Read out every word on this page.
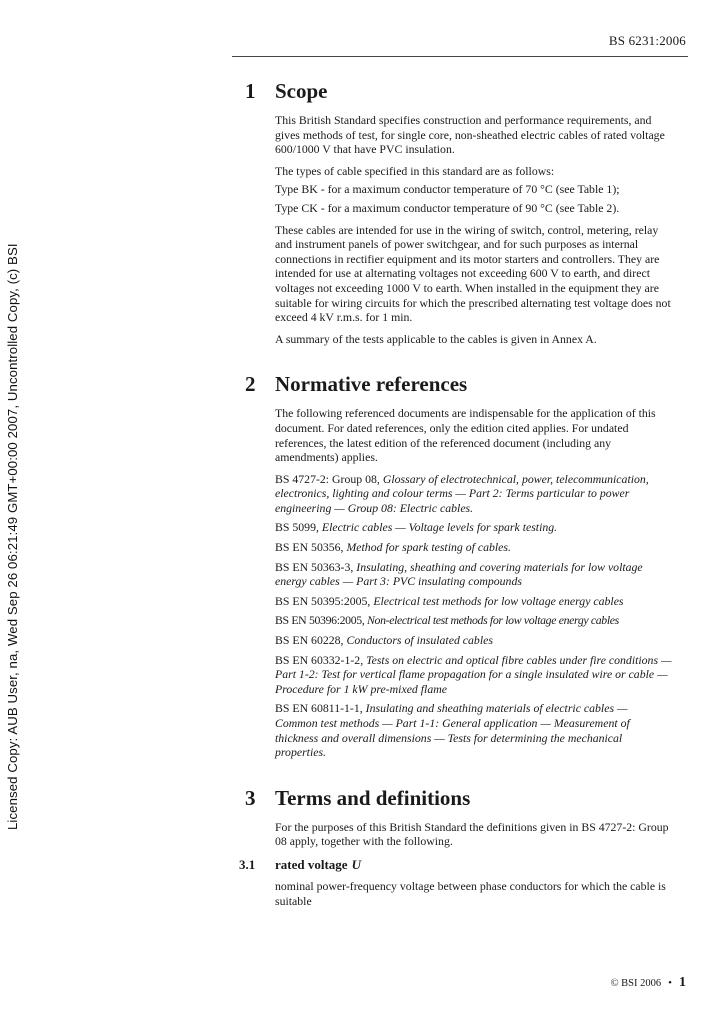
BS 6231:2006
Licensed Copy: AUB User, na, Wed Sep 26 06:21:49 GMT+00:00 2007, Uncontrolled Copy, (c) BSI
1 Scope

This British Standard specifies construction and performance requirements, and gives methods of test, for single core, non-sheathed electric cables of rated voltage 600/1000 V that have PVC insulation.

The types of cable specified in this standard are as follows:

Type BK - for a maximum conductor temperature of 70 °C (see Table 1);

Type CK - for a maximum conductor temperature of 90 °C (see Table 2).

These cables are intended for use in the wiring of switch, control, metering, relay and instrument panels of power switchgear, and for such purposes as internal connections in rectifier equipment and its motor starters and controllers. They are intended for use at alternating voltages not exceeding 600 V to earth, and direct voltages not exceeding 1000 V to earth. When installed in the equipment they are suitable for wiring circuits for which the prescribed alternating test voltage does not exceed 4 kV r.m.s. for 1 min.

A summary of the tests applicable to the cables is given in Annex A.

2 Normative references

The following referenced documents are indispensable for the application of this document. For dated references, only the edition cited applies. For undated references, the latest edition of the referenced document (including any amendments) applies.

BS 4727-2: Group 08, Glossary of electrotechnical, power, telecommunication, electronics, lighting and colour terms — Part 2: Terms particular to power engineering — Group 08: Electric cables.

BS 5099, Electric cables — Voltage levels for spark testing.

BS EN 50356, Method for spark testing of cables.

BS EN 50363-3, Insulating, sheathing and covering materials for low voltage energy cables — Part 3: PVC insulating compounds

BS EN 50395:2005, Electrical test methods for low voltage energy cables

BS EN 50396:2005, Non-electrical test methods for low voltage energy cables

BS EN 60228, Conductors of insulated cables

BS EN 60332-1-2, Tests on electric and optical fibre cables under fire conditions — Part 1-2: Test for vertical flame propagation for a single insulated wire or cable — Procedure for 1 kW pre-mixed flame

BS EN 60811-1-1, Insulating and sheathing materials of electric cables — Common test methods — Part 1-1: General application — Measurement of thickness and overall dimensions — Tests for determining the mechanical properties.

3 Terms and definitions

For the purposes of this British Standard the definitions given in BS 4727-2: Group 08 apply, together with the following.

3.1	rated voltage U

nominal power-frequency voltage between phase conductors for which the cable is suitable

© BSI 2006 • 1
